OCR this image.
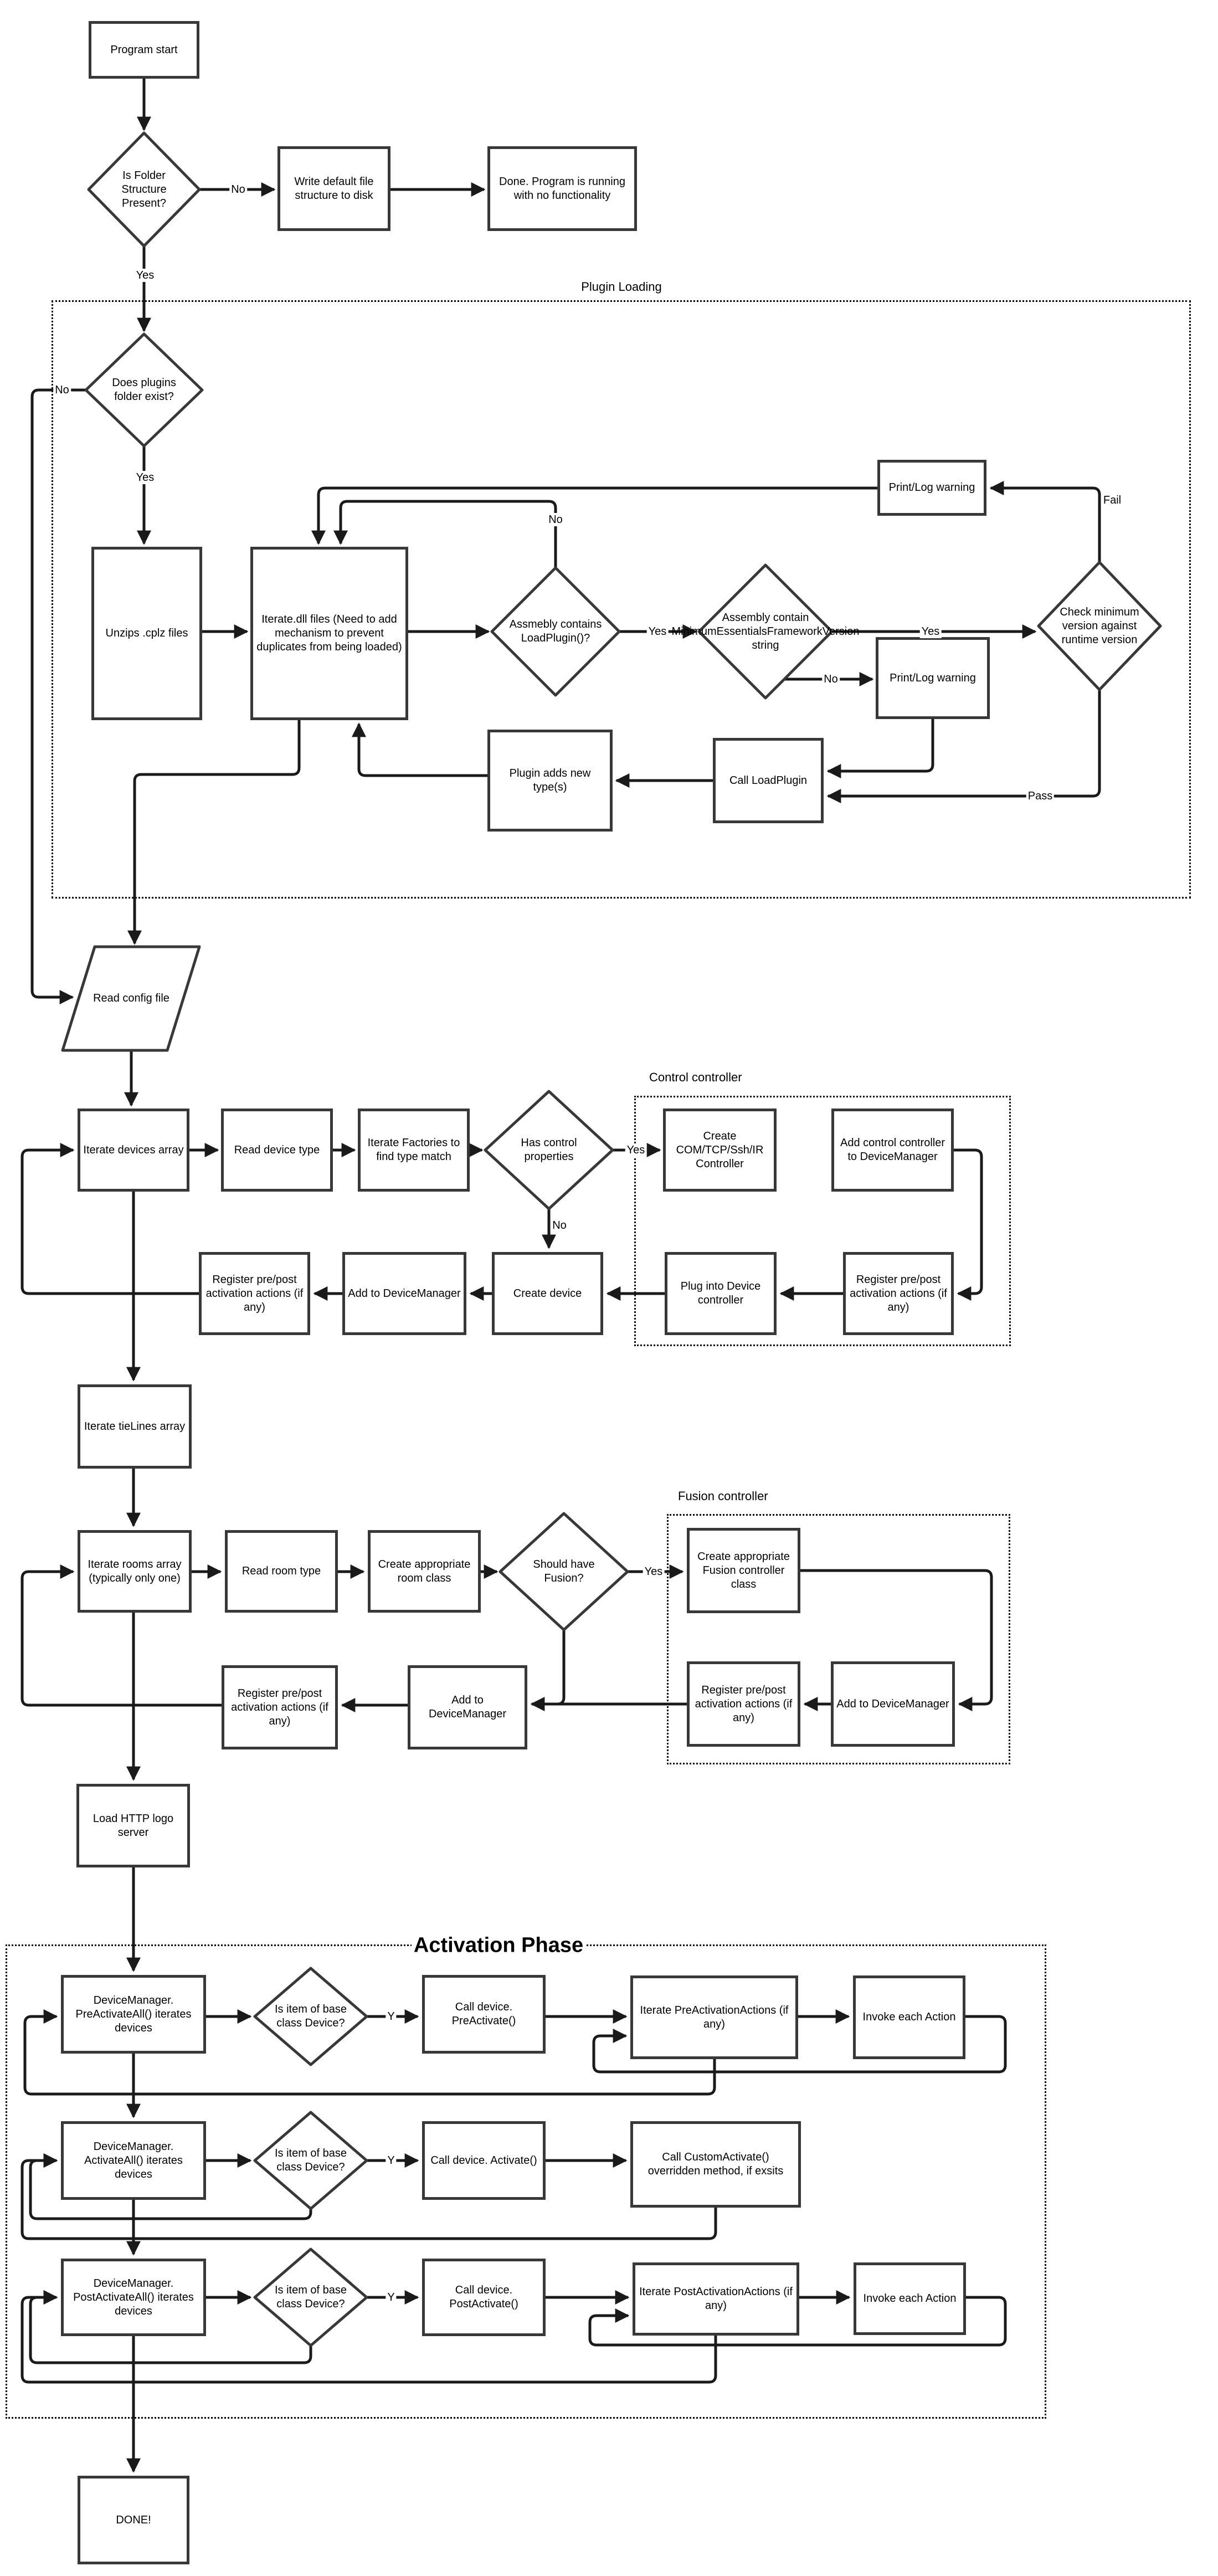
Plugin Loading
Control controller
Fusion controller
Activation Phase
Program start
Write default file structure to disk
Done. Program is running with no functionality
Unzips .cplz files
Iterate.dll files (Need to add mechanism to prevent duplicates from being loaded)
Print/Log warning
Print/Log warning
Call LoadPlugin
Plugin adds new type(s)
Iterate devices array	Read device type
Iterate Factories to find type match
Create COM/TCP/Ssh/IR Controller
Add control controller to DeviceManager
Register pre/post activation actions (if any)
Plug into Device controller
Create device
Add to DeviceManager
Register pre/post activation actions (if any)
Iterate tieLines array
Iterate rooms array (typically only one)
Read room type
Create appropriate room class
Create appropriate Fusion controller class
Add to DeviceManager
Register pre/post activation actions (if any)
Add to DeviceManager
Register pre/post activation actions (if any)
Load HTTP logo server
DeviceManager. PreActivateAll() iterates devices
Call device. PreActivate()
Iterate PreActivationActions (if any)
Invoke each Action
DeviceManager. ActivateAll() iterates devices
Call device. Activate()	Call CustomActivate() overridden method, if exsits
DeviceManager. PostActivateAll() iterates devices
Call device. PostActivate()
Iterate PostActivationActions (if any)
Invoke each Action
DONE!
Is Folder Structure Present?
Does plugins folder exist?
Assmebly contains LoadPlugin()?
Assembly contain MinimumEssentialsFrameworkVersion string
Check minimum version against runtime version
Has control properties
Should have Fusion?
Is item of base class Device?
Is item of base class Device?
Is item of base class Device?
Read config file
No
Yes
No
Yes
No
Yes	Yes
Fail
No
Pass
Yes
No
Yes
Y
Y
Y
